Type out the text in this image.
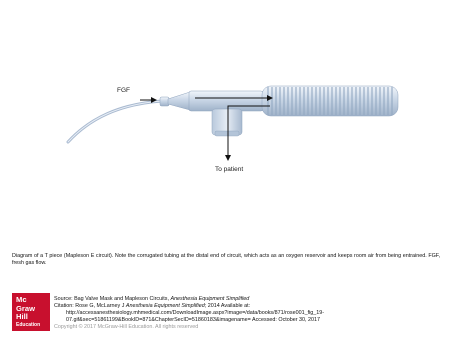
FGF
To patient
Diagram of a T piece (Mapleson E circuit). Note the corrugated tubing at the distal end of circuit, which acts as an oxygen reservoir and keeps room air from being entrained. FGF, fresh gas flow.
Mc
Graw
Hill
Education
Source: Bag Valve Mask and Mapleson Circuits, Anesthesia Equipment Simplified
Citation: Rose G, McLarney J Anesthesia Equipment Simplified; 2014 Available at:
http://accessanesthesiology.mhmedical.com/DownloadImage.aspx?image=/data/books/871/rose001_fig_19-
07.gif&sec=51861199&BookID=871&ChapterSecID=51860183&imagename= Accessed: October 30, 2017
Copyright © 2017 McGraw-Hill Education. All rights reserved
